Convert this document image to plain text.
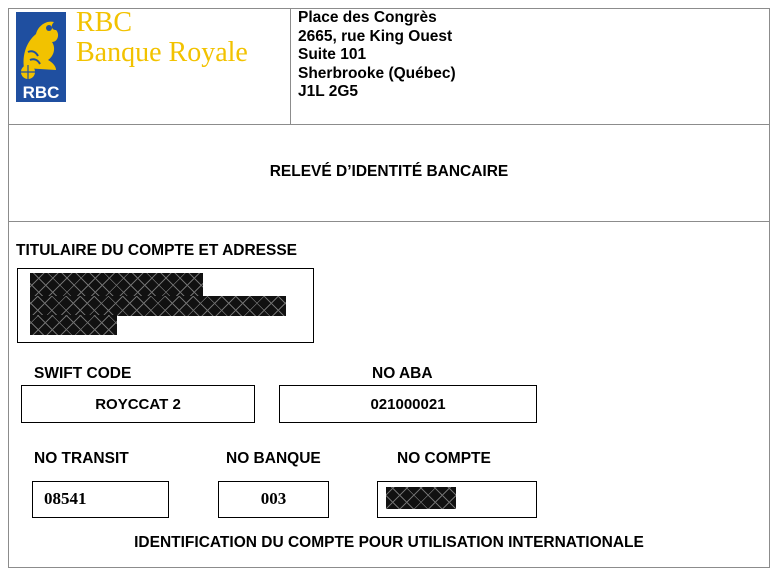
RBC
RBC
Banque Royale
Place des Congrès
2665, rue King Ouest
Suite 101
Sherbrooke (Québec)
J1L 2G5
RELEVÉ D’IDENTITÉ BANCAIRE
TITULAIRE DU COMPTE ET ADRESSE
SWIFT CODE
ROYCCAT 2
NO ABA
021000021
NO TRANSIT
08541
NO BANQUE
003
NO COMPTE
IDENTIFICATION DU COMPTE POUR UTILISATION INTERNATIONALE
